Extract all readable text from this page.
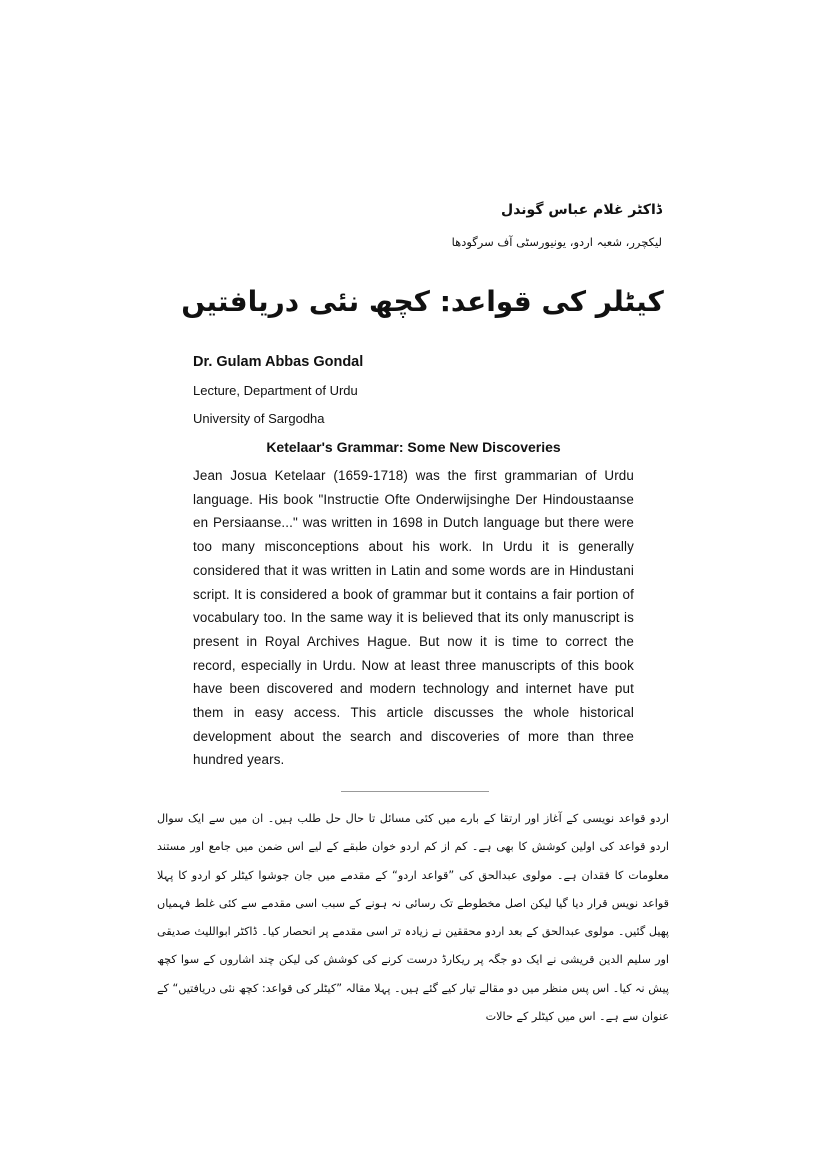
ڈاکٹر غلام عباس گوندل
لیکچرر، شعبہ اردو، یونیورسٹی آف سرگودھا
کیٹلر کی قواعد: کچھ نئی دریافتیں
Dr. Gulam Abbas Gondal
Lecture, Department of Urdu
University of Sargodha
Ketelaar's Grammar: Some New Discoveries

Jean Josua Ketelaar (1659-1718) was the first grammarian of Urdu language. His book "Instructie Ofte Onderwijsinghe Der Hindoustaanse en Persiaanse..." was written in 1698 in Dutch language but there were too many misconceptions about his work. In Urdu it is generally considered that it was written in Latin and some words are in Hindustani script. It is considered a book of grammar but it contains a fair portion of vocabulary too. In the same way it is believed that its only manuscript is present in Royal Archives Hague. But now it is time to correct the record, especially in Urdu. Now at least three manuscripts of this book have been discovered and modern technology and internet have put them in easy access. This article discusses the whole historical development about the search and discoveries of more than three hundred years.

اردو قواعد نویسی کے آغاز اور ارتقا کے بارے میں کئی مسائل تا حال حل طلب ہیں۔ ان میں سے ایک سوال اردو قواعد کی اولین کوشش کا بھی ہے۔ کم از کم اردو خوان طبقے کے لیے اس ضمن میں جامع اور مستند معلومات کا فقدان ہے۔ مولوی عبدالحق کی ”قواعد اردو“ کے مقدمے میں جان جوشوا کیٹلر کو اردو کا پہلا قواعد نویس قرار دیا گیا لیکن اصل مخطوطے تک رسائی نہ ہونے کے سبب اسی مقدمے سے کئی غلط فہمیاں پھیل گئیں۔ مولوی عبدالحق کے بعد اردو محققین نے زیادہ تر اسی مقدمے پر انحصار کیا۔ ڈاکٹر ابواللیث صدیقی اور سلیم الدین قریشی نے ایک دو جگہ پر ریکارڈ درست کرنے کی کوشش کی لیکن چند اشاروں کے سوا کچھ پیش نہ کیا۔ اس پس منظر میں دو مقالے تیار کیے گئے ہیں۔ پہلا مقالہ ”کیٹلر کی قواعد: کچھ نئی دریافتیں“ کے عنوان سے ہے۔ اس میں کیٹلر کے حالات
